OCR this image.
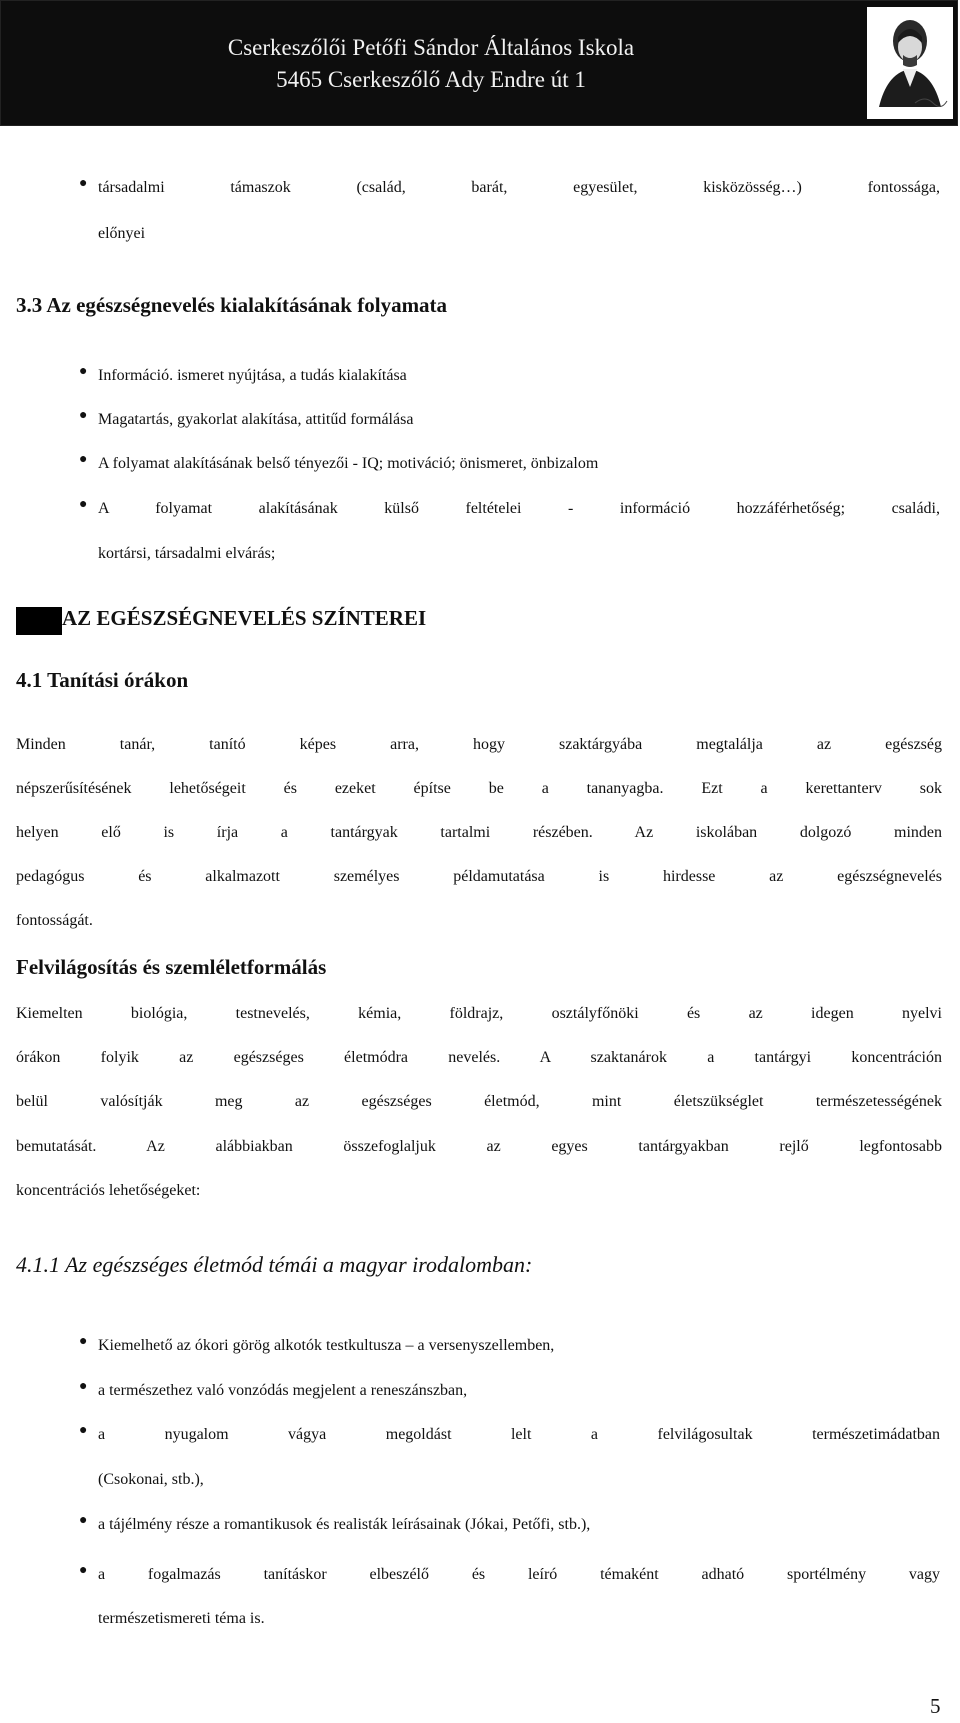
Cserkeszőlői Petőfi Sándor Általános Iskola
5465 Cserkeszőlő Ady Endre út 1
● társadalmi támaszok (család, barát, egyesület, kisközösség…) fontossága,
előnyei
3.3 Az egészségnevelés kialakításának folyamata
● Információ. ismeret nyújtása, a tudás kialakítása
● Magatartás, gyakorlat alakítása, attitűd formálása
● A folyamat alakításának belső tényezői - IQ; motiváció; önismeret, önbizalom
● A folyamat alakításának külső feltételei - információ hozzáférhetőség; családi,
kortársi, társadalmi elvárás;
AZ EGÉSZSÉGNEVELÉS SZÍNTEREI
4.1 Tanítási órákon
Minden tanár, tanító képes arra, hogy szaktárgyába megtalálja az egészség
népszerűsítésének lehetőségeit és ezeket építse be a tananyagba. Ezt a kerettanterv sok
helyen elő is írja a tantárgyak tartalmi részében. Az iskolában dolgozó minden
pedagógus és alkalmazott személyes példamutatása is hirdesse az egészségnevelés
fontosságát.
Felvilágosítás és szemléletformálás
Kiemelten biológia, testnevelés, kémia, földrajz, osztályfőnöki és az idegen nyelvi
órákon folyik az egészséges életmódra nevelés. A szaktanárok a tantárgyi koncentráción
belül valósítják meg az egészséges életmód, mint életszükséglet természetességének
bemutatását. Az alábbiakban összefoglaljuk az egyes tantárgyakban rejlő legfontosabb
koncentrációs lehetőségeket:
4.1.1 Az egészséges életmód témái a magyar irodalomban:
● Kiemelhető az ókori görög alkotók testkultusza – a versenyszellemben,
● a természethez való vonzódás megjelent a reneszánszban,
● a nyugalom vágya megoldást lelt a felvilágosultak természetimádatban
(Csokonai, stb.),
● a tájélmény része a romantikusok és realisták leírásainak (Jókai, Petőfi, stb.),
● a fogalmazás tanításkor elbeszélő és leíró témaként adható sportélmény vagy
természetismereti téma is.
5
